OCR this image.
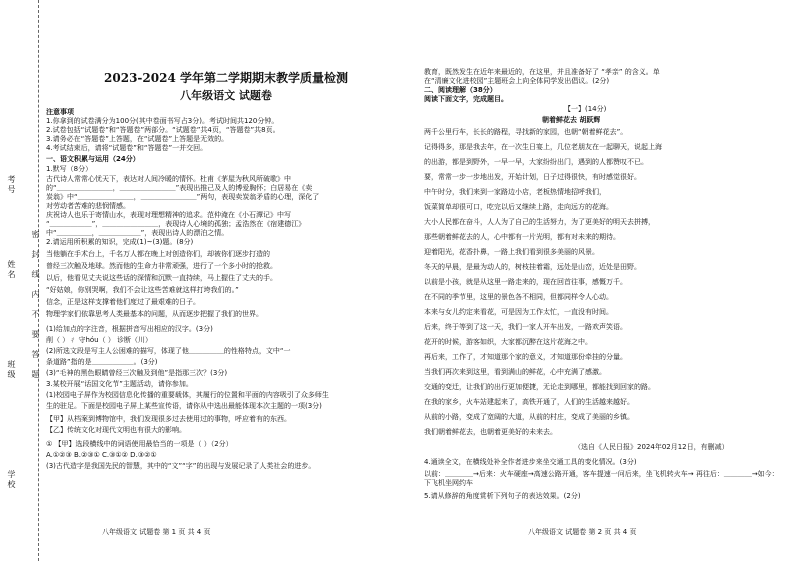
学校
班级
姓名
考号
密
封
线
内
不
要
答
题
2023-2024 学年第二学期期末教学质量检测
八年级语文 试题卷
注意事项
1.你拿到的试卷满分为100分(其中卷面书写占3分)。考试时间共120分钟。
2.试卷包括“试题卷”和“答题卷”两部分。“试题卷”共4页，“答题卷”共8页。
3.请务必在“答题卷”上答题，在“试题卷”上答题是无效的。
4.考试结束后，请将“试题卷”和“答题卷”一并交回。
一、语文积累与运用（24分）
1.默写（8分）
古代诗人常常心忧天下，表达对人间冷暖的情怀。杜甫《茅屋为秋风所破歌》中
的“＿＿＿＿＿＿＿＿，＿＿＿＿＿＿＿＿”表现出推己及人的博爱胸怀；白居易在《卖
炭翁》中“＿＿＿＿＿＿＿＿，＿＿＿＿＿＿＿＿”两句，表现卖炭翁矛盾的心理，深化了
对劳动者苦难的悲悯情感。
庆祝诗人也乐于寄情山水，表现对理想精神的追求。范仲淹在《小石潭记》中写
“＿＿＿＿＿＿”，＿＿＿＿＿＿＿＿，表现诗人心境的孤独；孟浩然在《宿建德江》
中“＿＿＿＿＿，＿＿＿＿＿＿”，表现出诗人的漂泊之情。
2.请运用所积累的知识，完成(1)~(3)题。(8分)
当他躺在手术台上，千名万人都在晚上对创造你们，却被你们逐步打造的
曾经三次触及地球。然而他的生命力非常顽强，进行了一个多小时的抢救。
以后，他看见丈夫说这些话的深情和沉默一直持续，马上握住了丈夫的手。
“好姑娘，你别哭啊，我们不会让这些苦难就这样打垮我们的。”
信念，正是这样支撑着他们度过了最艰难的日子。
物理学家们依靠思考人类最基本的问题，从而逐步把握了我们的世界。
(1)给加点的字注音，根据拼音写出相应的汉字。(3分)
削（ ）ㄔ 守hóu（ ） 诊断（川）
(2)所选文段是写主人公困难的描写，体现了他＿＿＿＿＿的性格特点，文中“一
条道路”指的是＿＿＿＿＿＿。(3分)
(3)“毛神的黑色眼睛曾经三次触及到他”是指那三次？(3分)
3.某校开展“话国文化节”主题活动，请你参加。
(1)校园电子屏作为校园信息化传播的重要载体，其履行的位置和平面的内容吸引了众多师生
生的驻足。下面是校园电子屏上某些宣传语，请你从中选出最能体现本次主题的一项(3分)
【甲】从档案到博物馆中，我们发现很多过去使用过的事物，呼应着有的东西。
【乙】传统文化对现代文明也有很大的影响。
① 【甲】选段横线中的词语使用最恰当的一项是（ ）（2分）
A.①②③ B.②③① C.③①② D.③②①
(3)古代造字是我国先民的智慧，其中的“文”“字”的出现与发展记录了人类社会的进步。
八年级语文 试题卷 第 1 页 共 4 页
教育，既然发生在近年来最近的，在这里，并且准备好了 “孝亲” 的含义。单
在“清廉文化进校园”主题班会上向全体同学发出倡议。(2分)
二、阅读理解（38分）
阅读下面文字，完成题目。
【一】(14分)
朝着鲜花去 胡跃辉
两千公里行车，长长的路程，寻找新的家园，也朝“朝着鲜花去”。
记得得多，那是我去年，在一次生日宴上，几位老朋友在一起聊天，说起上海
的出游，都是到野外，一早一早，大家纷纷出门，遇到的人都赞叹不已。
要，常常一步一步地出发，开始计划，日子过得很快，有时感觉很好。
中午时分，我们来到一家路边小店，老板热情地招呼我们，
饭菜简单却很可口，吃完以后又继续上路，走向远方的花海。
大小人民都在奋斗，人人为了自己的生活努力，为了更美好的明天去拼搏，
那些朝着鲜花去的人，心中都有一片光明，都有对未来的期待。
迎着阳光，花香扑鼻，一路上我们看到很多美丽的风景。
冬天的早晨，是最为动人的，树枝挂着霜，远处是山峦，近处是田野。
以前是小孩，就是从这里一路走来的，现在回首往事，感慨万千。
在不同的季节里，这里的景色各不相同，但都同样令人心动。
本来与女儿约定来看花，可是因为工作太忙，一直没有时间。
后来，终于等到了这一天，我们一家人开车出发，一路欢声笑语。
花开的时候，游客如织，大家都沉醉在这片花海之中。
再后来，工作了，才知道那个家的意义，才知道那份牵挂的分量。
当我们再次来到这里，看到满山的鲜花，心中充满了感激。
交通的变迁，让我们的出行更加便捷，无论走到哪里，都能找到回家的路。
在我的家乡，火车站建起来了，高铁开通了，人们的生活越来越好。
从前的小路，变成了宽阔的大道，从前的村庄，变成了美丽的乡镇。
我们朝着鲜花去，也朝着更美好的未来去。
（选自《人民日报》2024年02月12日，有删减）
4.通读全文，在横线处补全作者进步来坐交通工具的变化情况。(3分)
以前：＿＿＿＿→后来：火车硬座→高速公路开通，客车提速一问后来，坐飞机转火车→ 再往后：＿＿＿＿→如今：下飞机坐网约车
5.请从修辞的角度赏析下列句子的表达效果。(2分)
八年级语文 试题卷 第 2 页 共 4 页
